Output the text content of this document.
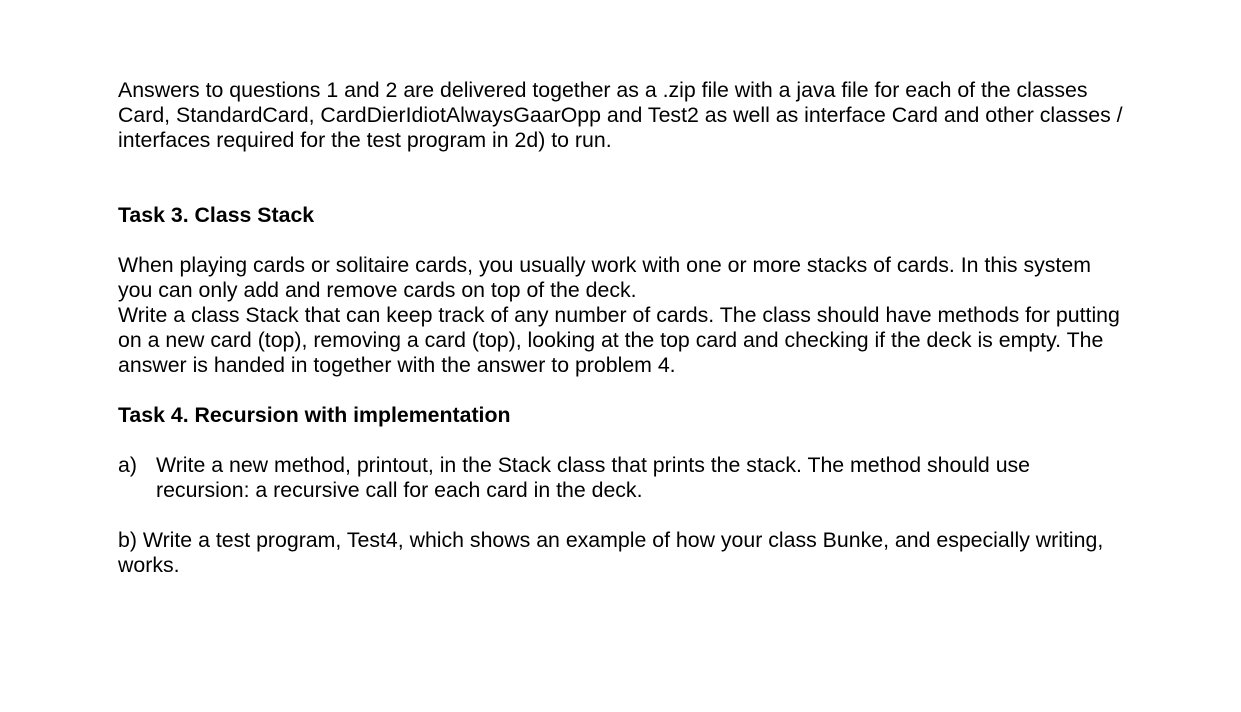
Answers to questions 1 and 2 are delivered together as a .zip file with a java file for each of the classes Card, StandardCard, CardDierIdiotAlwaysGaarOpp and Test2 as well as interface Card and other classes / interfaces required for the test program in 2d) to run.

Task 3. Class Stack

When playing cards or solitaire cards, you usually work with one or more stacks of cards. In this system you can only add and remove cards on top of the deck.

Write a class Stack that can keep track of any number of cards. The class should have methods for putting on a new card (top), removing a card (top), looking at the top card and checking if the deck is empty. The answer is handed in together with the answer to problem 4.

Task 4. Recursion with implementation

a) Write a new method, printout, in the Stack class that prints the stack. The method should use recursion: a recursive call for each card in the deck.

b) Write a test program, Test4, which shows an example of how your class Bunke, and especially writing, works.
